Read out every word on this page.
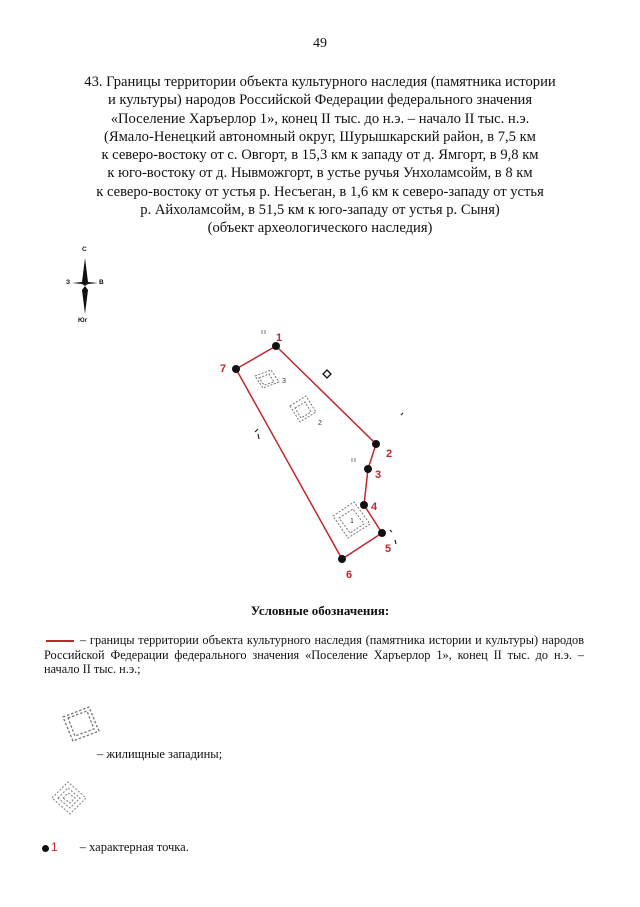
49
43. Границы территории объекта культурного наследия (памятника истории
и культуры) народов Российской Федерации федерального значения
«Поселение Харъерлор 1», конец II тыс. до н.э. – начало II тыс. н.э.
(Ямало-Ненецкий автономный округ, Шурышкарский район, в 7,5 км
к северо-востоку от с. Овгорт, в 15,3 км к западу от д. Ямгорт, в 9,8 км
к юго-востоку от д. Нывможгорт, в устье ручья Унхоламсойм, в 8 км
к северо-востоку от устья р. Несъеган, в 1,6 км к северо-западу от устья
р. Айхоламсойм, в 51,5 км к юго-западу от устья р. Сыня)
(объект археологического наследия)
С
З	В
Юг
1
2
3
4
5
6
7
1
2
3
Условные обозначения:
– границы территории объекта культурного наследия (памятника истории и культуры) народов Российской Федерации федерального значения «Поселение Харъерлор 1», конец II тыс. до н.э. – начало II тыс. н.э.;
– жилищные западины;
1 – характерная точка.
